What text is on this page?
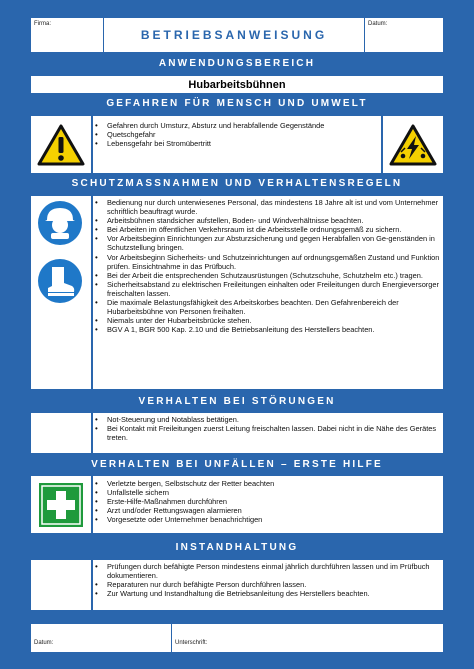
Firma:
BETRIEBSANWEISUNG
Datum:
ANWENDUNGSBEREICH
Hubarbeitsbühnen
GEFAHREN FÜR MENSCH UND UMWELT
• Gefahren durch Umsturz, Absturz und herabfallende Gegenstände
• Quetschgefahr
• Lebensgefahr bei Stromübertritt
SCHUTZMASSNAHMEN UND VERHALTENSREGELN
• Bedienung nur durch unterwiesenes Personal, das mindestens 18 Jahre alt ist und vom Unternehmer schriftlich beauftragt wurde.
• Arbeitsbühnen standsicher aufstellen, Boden- und Windverhältnisse beachten.
• Bei Arbeiten im öffentlichen Verkehrsraum ist die Arbeitsstelle ordnungsgemäß zu sichern.
• Vor Arbeitsbeginn Einrichtungen zur Absturzsicherung und gegen Herabfallen von Ge-genständen in Schutzstellung bringen.
• Vor Arbeitsbeginn Sicherheits- und Schutzeinrichtungen auf ordnungsgemäßen Zustand und Funktion prüfen. Einsichtnahme in das Prüfbuch.
• Bei der Arbeit die entsprechenden Schutzausrüstungen (Schutzschuhe, Schutzhelm etc.) tragen.
• Sicherheitsabstand zu elektrischen Freileitungen einhalten oder Freileitungen durch Energieversorger freischalten lassen.
• Die maximale Belastungsfähigkeit des Arbeitskorbes beachten. Den Gefahrenbereich der Hubarbeitsbühne von Personen freihalten.
• Niemals unter der Hubarbeitsbrücke stehen.
• BGV A 1, BGR 500 Kap. 2.10 und die Betriebsanleitung des Herstellers beachten.
VERHALTEN BEI STÖRUNGEN
• Not-Steuerung und Notablass betätigen.
• Bei Kontakt mit Freileitungen zuerst Leitung freischalten lassen. Dabei nicht in die Nähe des Gerätes treten.
VERHALTEN BEI UNFÄLLEN – ERSTE HILFE
• Verletzte bergen, Selbstschutz der Retter beachten
• Unfallstelle sichern
• Erste-Hilfe-Maßnahmen durchführen
• Arzt und/oder Rettungswagen alarmieren
• Vorgesetzte oder Unternehmer benachrichtigen
INSTANDHALTUNG
• Prüfungen durch befähigte Person mindestens einmal jährlich durchführen lassen und im Prüfbuch dokumentieren.
• Reparaturen nur durch befähigte Person durchführen lassen.
• Zur Wartung und Instandhaltung die Betriebsanleitung des Herstellers beachten.
Datum:	Unterschrift:
